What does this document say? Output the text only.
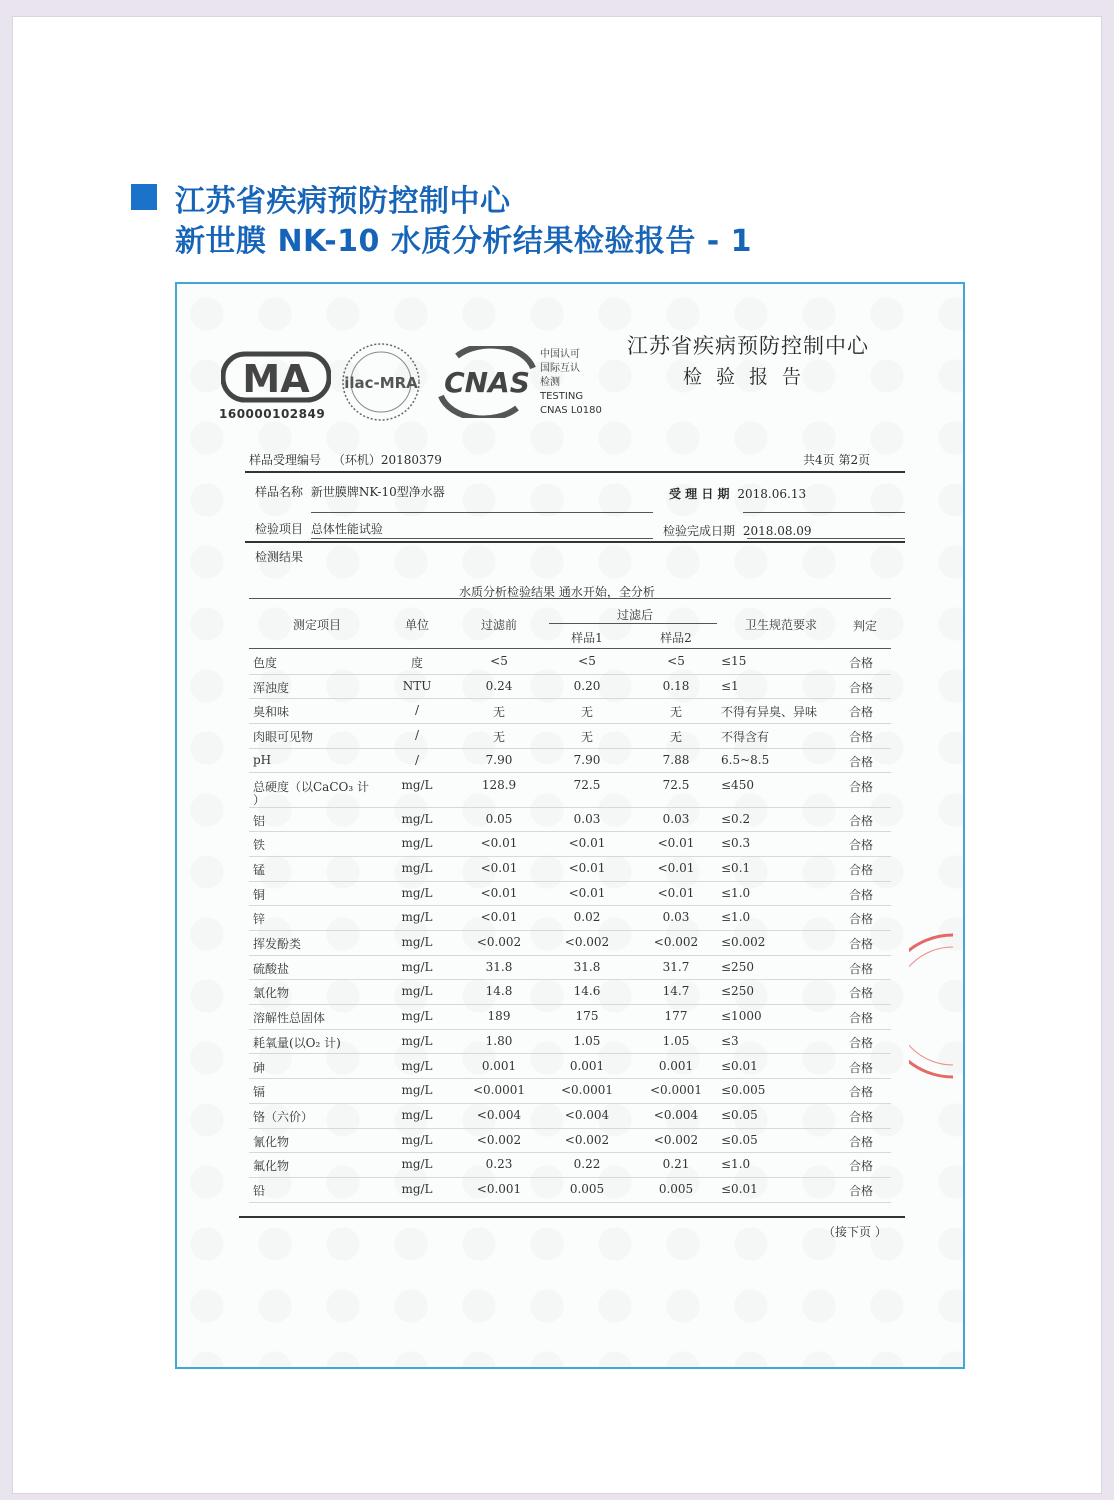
江苏省疾病预防控制中心
新世膜 NK-10 水质分析结果检验报告 - 1
MA
160000102849
ilac-MRA CNAS
中国认可
国际互认
检测
TESTING
CNAS L0180
江苏省疾病预防控制中心
检验报告
样品受理编号 （环机）20180379	共4页 第2页
样品名称 新世膜牌NK-10型净水器	受 理 日 期 2018.06.13
检验项目 总体性能试验	检验完成日期 2018.08.09
检测结果
水质分析检验结果 通水开始，全分析
测定项目	单位	过滤前
过滤后
样品1	样品2
卫生规范要求	判定
色度	度	<5	<5	<5	≤15	合格
浑浊度	NTU	0.24	0.20	0.18	≤1	合格
臭和味	/	无	无	无	不得有异臭、异味	合格
肉眼可见物	/	无	无	无	不得含有	合格
pH	/	7.90	7.90	7.88	6.5~8.5	合格
总硬度（以CaCO₃ 计	mg/L	128.9	72.5	72.5	≤450	合格
）
铝	mg/L	0.05	0.03	0.03	≤0.2	合格
铁	mg/L	<0.01	<0.01	<0.01	≤0.3	合格
锰	mg/L	<0.01	<0.01	<0.01	≤0.1	合格
铜	mg/L	<0.01	<0.01	<0.01	≤1.0	合格
锌	mg/L	<0.01	0.02	0.03	≤1.0	合格
挥发酚类	mg/L	<0.002	<0.002	<0.002	≤0.002	合格
硫酸盐	mg/L	31.8	31.8	31.7	≤250	合格
氯化物	mg/L	14.8	14.6	14.7	≤250	合格
溶解性总固体	mg/L	189	175	177	≤1000	合格
耗氧量(以O₂ 计)	mg/L	1.80	1.05	1.05	≤3	合格
砷	mg/L	0.001	0.001	0.001	≤0.01	合格
镉	mg/L	<0.0001	<0.0001	<0.0001 ≤0.005	合格
铬（六价）	mg/L	<0.004	<0.004	<0.004	≤0.05	合格
氰化物	mg/L	<0.002	<0.002	<0.002	≤0.05	合格
氟化物	mg/L	0.23	0.22	0.21	≤1.0	合格
铅	mg/L	<0.001	0.005	0.005	≤0.01	合格
（接下页 ）
